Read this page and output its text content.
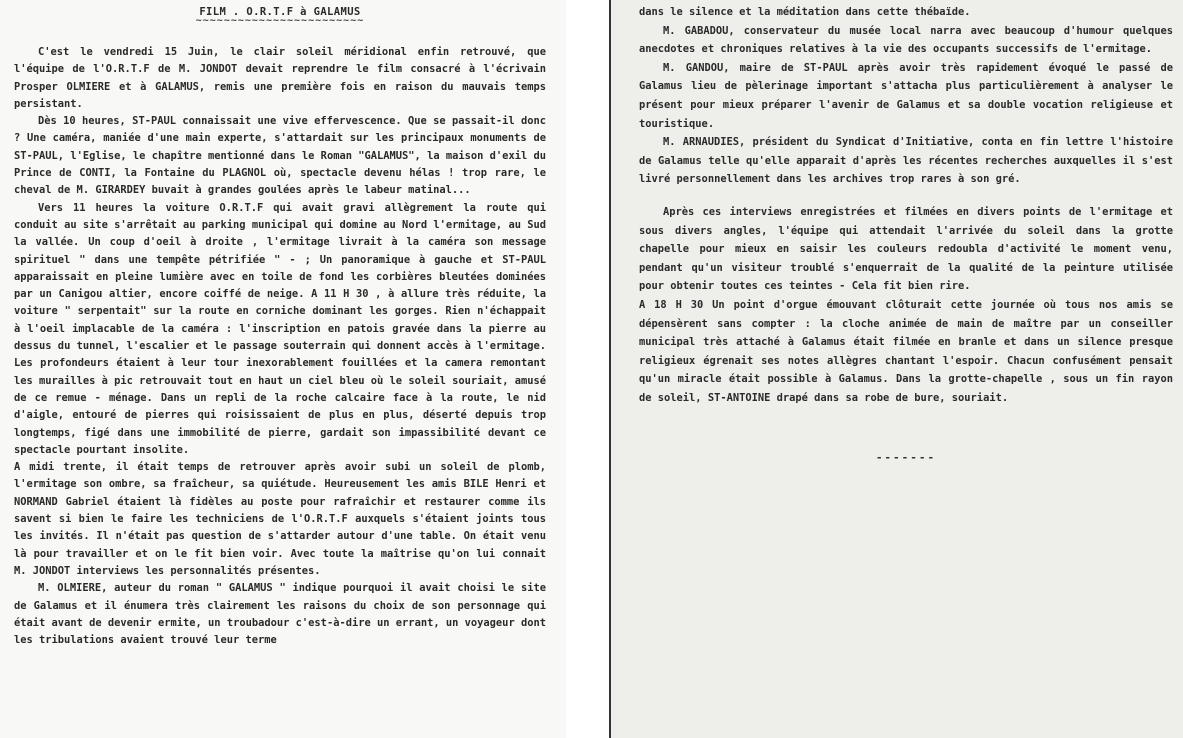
FILM . O.R.T.F à GALAMUS
~~~~~~~~~~~~~~~~~~~~~~~~

C'est le vendredi 15 Juin, le clair soleil méridional enfin retrouvé, que l'équipe de l'O.R.T.F de M. JONDOT devait reprendre le film consacré à l'écrivain Prosper OLMIERE et à GALAMUS, remis une première fois en raison du mauvais temps persistant.

Dès 10 heures, ST-PAUL connaissait une vive effervescence. Que se passait-il donc ? Une caméra, maniée d'une main experte, s'attardait sur les principaux monuments de ST-PAUL, l'Eglise, le chapître mentionné dans le Roman "GALAMUS", la maison d'exil du Prince de CONTI, la Fontaine du PLAGNOL où, spectacle devenu hélas ! trop rare, le cheval de M. GIRARDEY buvait à grandes goulées après le labeur matinal...

Vers 11 heures la voiture O.R.T.F qui avait gravi allègrement la route qui conduit au site s'arrêtait au parking municipal qui domine au Nord l'ermitage, au Sud la vallée. Un coup d'oeil à droite , l'ermitage livrait à la caméra son message spirituel " dans une tempête pétrifiée " - ; Un panoramique à gauche et ST-PAUL apparaissait en pleine lumière avec en toile de fond les corbières bleutées dominées par un Canigou altier, encore coiffé de neige. A 11 H 30 , à allure très réduite, la voiture " serpentait" sur la route en corniche dominant les gorges. Rien n'échappait à l'oeil implacable de la caméra : l'inscription en patois gravée dans la pierre au dessus du tunnel, l'escalier et le passage souterrain qui donnent accès à l'ermitage. Les profondeurs étaient à leur tour inexorablement fouillées et la camera remontant les murailles à pic retrouvait tout en haut un ciel bleu où le soleil souriait, amusé de ce remue - ménage. Dans un repli de la roche calcaire face à la route, le nid d'aigle, entouré de pierres qui roisissaient de plus en plus, déserté depuis trop longtemps, figé dans une immobilité de pierre, gardait son impassibilité devant ce spectacle pourtant insolite.

A midi trente, il était temps de retrouver après avoir subi un soleil de plomb, l'ermitage son ombre, sa fraîcheur, sa quiétude. Heureusement les amis BILE Henri et NORMAND Gabriel étaient là fidèles au poste pour rafraîchir et restaurer comme ils savent si bien le faire les techniciens de l'O.R.T.F auxquels s'étaient joints tous les invités. Il n'était pas question de s'attarder autour d'une table. On était venu là pour travailler et on le fit bien voir. Avec toute la maîtrise qu'on lui connait M. JONDOT interviews les personnalités présentes.

M. OLMIERE, auteur du roman " GALAMUS " indique pourquoi il avait choisi le site de Galamus et il énumera très clairement les raisons du choix de son personnage qui était avant de devenir ermite, un troubadour c'est-à-dire un errant, un voyageur dont les tribulations avaient trouvé leur terme

dans le silence et la méditation dans cette thébaïde.

M. GABADOU, conservateur du musée local narra avec beaucoup d'humour quelques anecdotes et chroniques relatives à la vie des occupants successifs de l'ermitage.

M. GANDOU, maire de ST-PAUL après avoir très rapidement évoqué le passé de Galamus lieu de pèlerinage important s'attacha plus particulièrement à analyser le présent pour mieux préparer l'avenir de Galamus et sa double vocation religieuse et touristique.

M. ARNAUDIES, président du Syndicat d'Initiative, conta en fin lettre l'histoire de Galamus telle qu'elle apparait d'après les récentes recherches auxquelles il s'est livré personnellement dans les archives trop rares à son gré.

Après ces interviews enregistrées et filmées en divers points de l'ermitage et sous divers angles, l'équipe qui attendait l'arrivée du soleil dans la grotte chapelle pour mieux en saisir les couleurs redoubla d'activité le moment venu, pendant qu'un visiteur troublé s'enquerrait de la qualité de la peinture utilisée pour obtenir toutes ces teintes - Cela fit bien rire.

A 18 H 30 Un point d'orgue émouvant clôturait cette journée où tous nos amis se dépensèrent sans compter : la cloche animée de main de maître par un conseiller municipal très attaché à Galamus était filmée en branle et dans un silence presque religieux égrenait ses notes allègres chantant l'espoir. Chacun confusément pensait qu'un miracle était possible à Galamus. Dans la grotte-chapelle , sous un fin rayon de soleil, ST-ANTOINE drapé dans sa robe de bure, souriait.

-------
